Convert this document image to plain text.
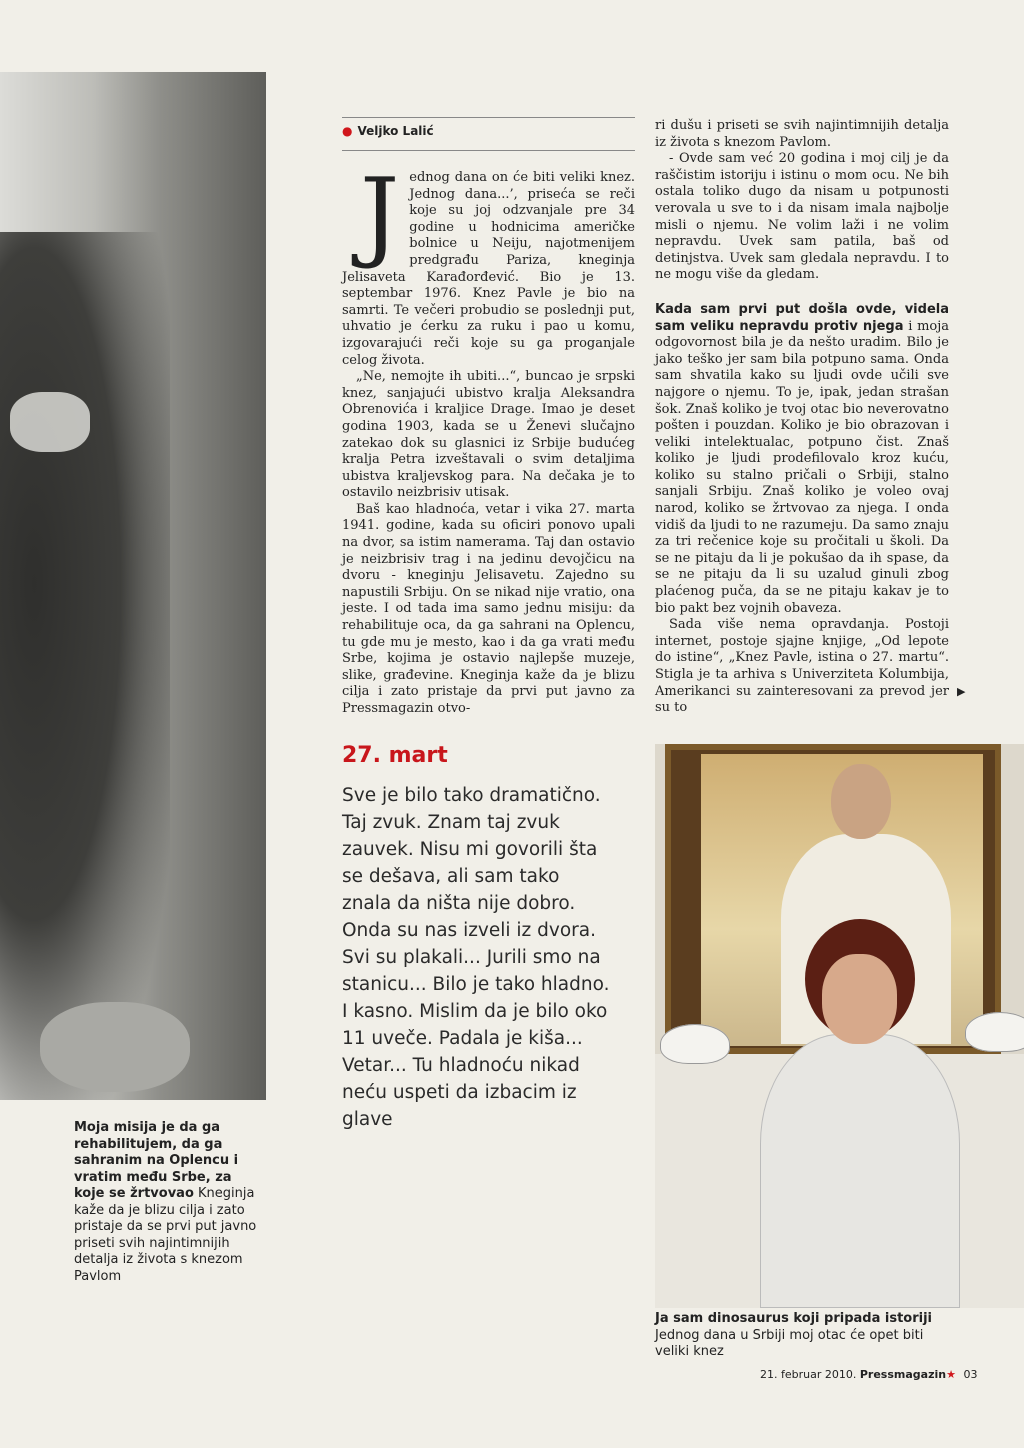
Moja misija je da ga rehabilitujem, da ga sahranim na Oplencu i vratim među Srbe, za koje se žrtvovao Kneginja kaže da je blizu cilja i zato pristaje da se prvi put javno priseti svih najintimnijih detalja iz života s knezom Pavlom
● Veljko Lalić

Jednog dana on će biti veliki knez. Jednog dana...’, priseća se reči koje su joj odzvanjale pre 34 godine u hodnicima američke bolnice u Neiju, najotmenijem predgrađu Pariza, kneginja Jelisaveta Karađorđević. Bio je 13. septembar 1976. Knez Pavle je bio na samrti. Te večeri probudio se poslednji put, uhvatio je ćerku za ruku i pao u komu, izgovarajući reči koje su ga proganjale celog života.

„Ne, nemojte ih ubiti...“, buncao je srpski knez, sanjajući ubistvo kralja Aleksandra Obrenovića i kraljice Drage. Imao je deset godina 1903, kada se u Ženevi slučajno zatekao dok su glasnici iz Srbije budućeg kralja Petra izveštavali o svim detaljima ubistva kraljevskog para. Na dečaka je to ostavilo neizbrisiv utisak.

Baš kao hladnoća, vetar i vika 27. marta 1941. godine, kada su oficiri ponovo upali na dvor, sa istim namerama. Taj dan ostavio je neizbrisiv trag i na jedinu devojčicu na dvoru - kneginju Jelisavetu. Zajedno su napustili Srbiju. On se nikad nije vratio, ona jeste. I od tada ima samo jednu misiju: da rehabilituje oca, da ga sahrani na Oplencu, tu gde mu je mesto, kao i da ga vrati među Srbe, kojima je ostavio najlepše muzeje, slike, građevine. Kneginja kaže da je blizu cilja i zato pristaje da prvi put javno za Pressmagazin otvo-

ri dušu i priseti se svih najintimnijih detalja iz života s knezom Pavlom.

- Ovde sam već 20 godina i moj cilj je da raščistim istoriju i istinu o mom ocu. Ne bih ostala toliko dugo da nisam u potpunosti verovala u sve to i da nisam imala najbolje misli o njemu. Ne volim laži i ne volim nepravdu. Uvek sam patila, baš od detinjstva. Uvek sam gledala nepravdu. I to ne mogu više da gledam.

Kada sam prvi put došla ovde, videla sam veliku nepravdu protiv njega i moja odgovornost bila je da nešto uradim. Bilo je jako teško jer sam bila potpuno sama. Onda sam shvatila kako su ljudi ovde učili sve najgore o njemu. To je, ipak, jedan strašan šok. Znaš koliko je tvoj otac bio neverovatno pošten i pouzdan. Koliko je bio obrazovan i veliki intelektualac, potpuno čist. Znaš koliko je ljudi prodefilovalo kroz kuću, koliko su stalno pričali o Srbiji, stalno sanjali Srbiju. Znaš koliko je voleo ovaj narod, koliko se žrtvovao za njega. I onda vidiš da ljudi to ne razumeju. Da samo znaju za tri rečenice koje su pročitali u školi. Da se ne pitaju da li je pokušao da ih spase, da se ne pitaju da li su uzalud ginuli zbog plaćenog puča, da se ne pitaju kakav je to bio pakt bez vojnih obaveza.

Sada više nema opravdanja. Postoji internet, postoje sjajne knjige, „Od lepote do istine“, „Knez Pavle, istina o 27. martu“. Stigla je ta arhiva s Univerziteta Kolumbija, Amerikanci su zainteresovani za prevod jer su to

▶
27. mart
Sve je bilo tako dramatično. Taj zvuk. Znam taj zvuk zauvek. Nisu mi govorili šta se dešava, ali sam tako znala da ništa nije dobro. Onda su nas izveli iz dvora. Svi su plakali... Jurili smo na stanicu... Bilo je tako hladno. I kasno. Mislim da je bilo oko 11 uveče. Padala je kiša... Vetar... Tu hladnoću nikad neću uspeti da izbacim iz glave
Ja sam dinosaurus koji pripada istoriji Jednog dana u Srbiji moj otac će opet biti veliki knez
21. februar 2010. Pressmagazin★ 03
